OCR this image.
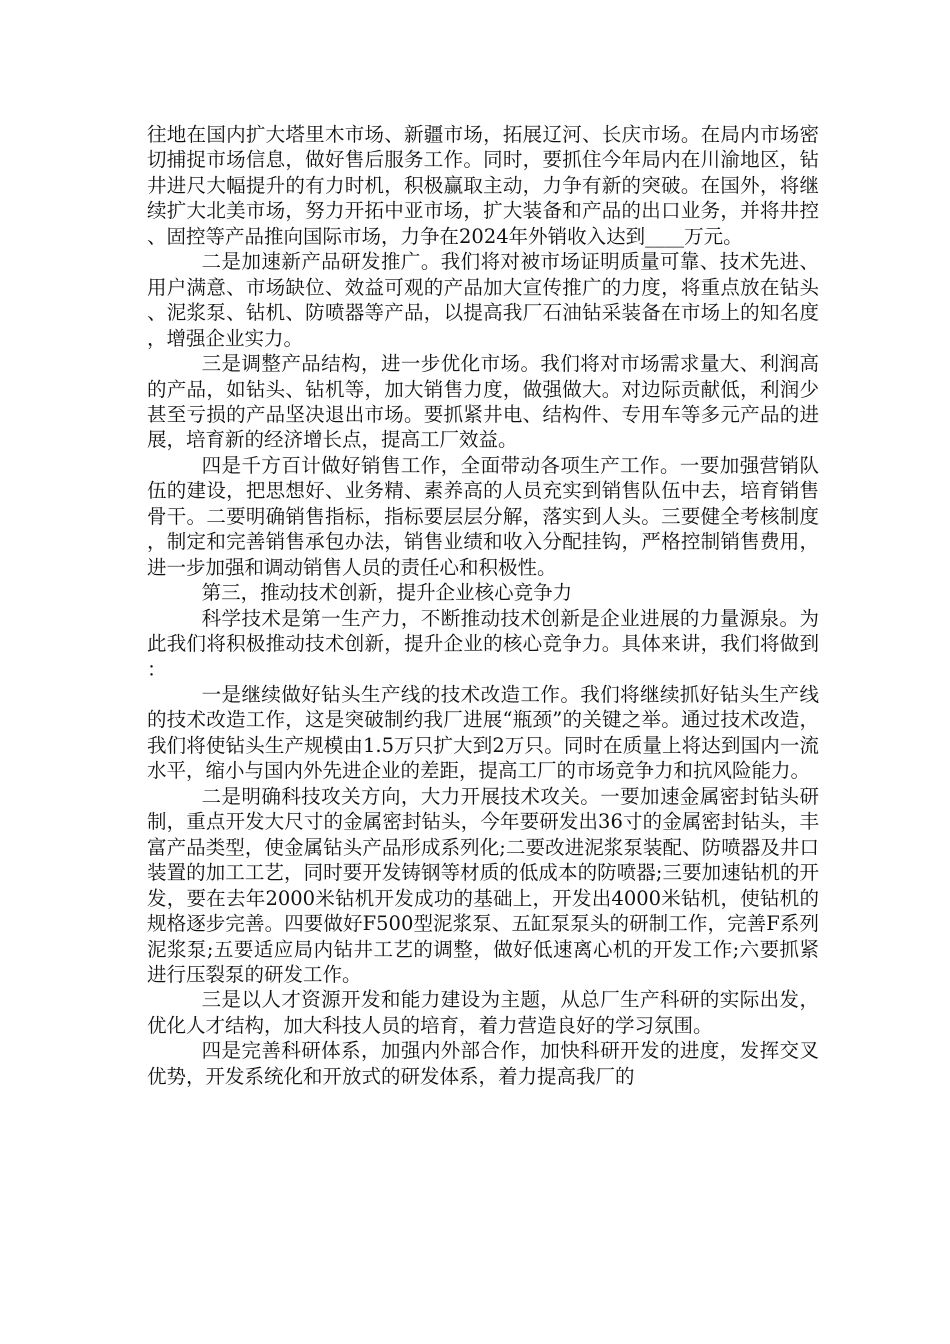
往地在国内扩大塔里木市场、新疆市场，拓展辽河、长庆市场。在局内市场密切捕捉市场信息，做好售后服务工作。同时，要抓住今年局内在川渝地区，钻井进尺大幅提升的有力时机，积极赢取主动，力争有新的突破。在国外，将继续扩大北美市场，努力开拓中亚市场，扩大装备和产品的出口业务，并将井控、固控等产品推向国际市场，力争在2024年外销收入达到____万元。

二是加速新产品研发推广。我们将对被市场证明质量可靠、技术先进、用户满意、市场缺位、效益可观的产品加大宣传推广的力度，将重点放在钻头、泥浆泵、钻机、防喷器等产品，以提高我厂石油钻采装备在市场上的知名度，增强企业实力。

三是调整产品结构，进一步优化市场。我们将对市场需求量大、利润高的产品，如钻头、钻机等，加大销售力度，做强做大。对边际贡献低，利润少甚至亏损的产品坚决退出市场。要抓紧井电、结构件、专用车等多元产品的进展，培育新的经济增长点，提高工厂效益。

四是千方百计做好销售工作，全面带动各项生产工作。一要加强营销队伍的建设，把思想好、业务精、素养高的人员充实到销售队伍中去，培育销售骨干。二要明确销售指标，指标要层层分解，落实到人头。三要健全考核制度，制定和完善销售承包办法，销售业绩和收入分配挂钩，严格控制销售费用，进一步加强和调动销售人员的责任心和积极性。

第三，推动技术创新，提升企业核心竞争力

科学技术是第一生产力，不断推动技术创新是企业进展的力量源泉。为此我们将积极推动技术创新，提升企业的核心竞争力。具体来讲，我们将做到：

一是继续做好钻头生产线的技术改造工作。我们将继续抓好钻头生产线的技术改造工作，这是突破制约我厂进展“瓶颈”的关键之举。通过技术改造，我们将使钻头生产规模由1.5万只扩大到2万只。同时在质量上将达到国内一流水平，缩小与国内外先进企业的差距，提高工厂的市场竞争力和抗风险能力。

二是明确科技攻关方向，大力开展技术攻关。一要加速金属密封钻头研制，重点开发大尺寸的金属密封钻头，今年要研发出36寸的金属密封钻头，丰富产品类型，使金属钻头产品形成系列化;二要改进泥浆泵装配、防喷器及井口装置的加工工艺，同时要开发铸钢等材质的低成本的防喷器;三要加速钻机的开发，要在去年2000米钻机开发成功的基础上，开发出4000米钻机，使钻机的规格逐步完善。四要做好F500型泥浆泵、五缸泵泵头的研制工作，完善F系列泥浆泵;五要适应局内钻井工艺的调整，做好低速离心机的开发工作;六要抓紧进行压裂泵的研发工作。

三是以人才资源开发和能力建设为主题，从总厂生产科研的实际出发，优化人才结构，加大科技人员的培育，着力营造良好的学习氛围。

四是完善科研体系，加强内外部合作，加快科研开发的进度，发挥交叉优势，开发系统化和开放式的研发体系，着力提高我厂的
